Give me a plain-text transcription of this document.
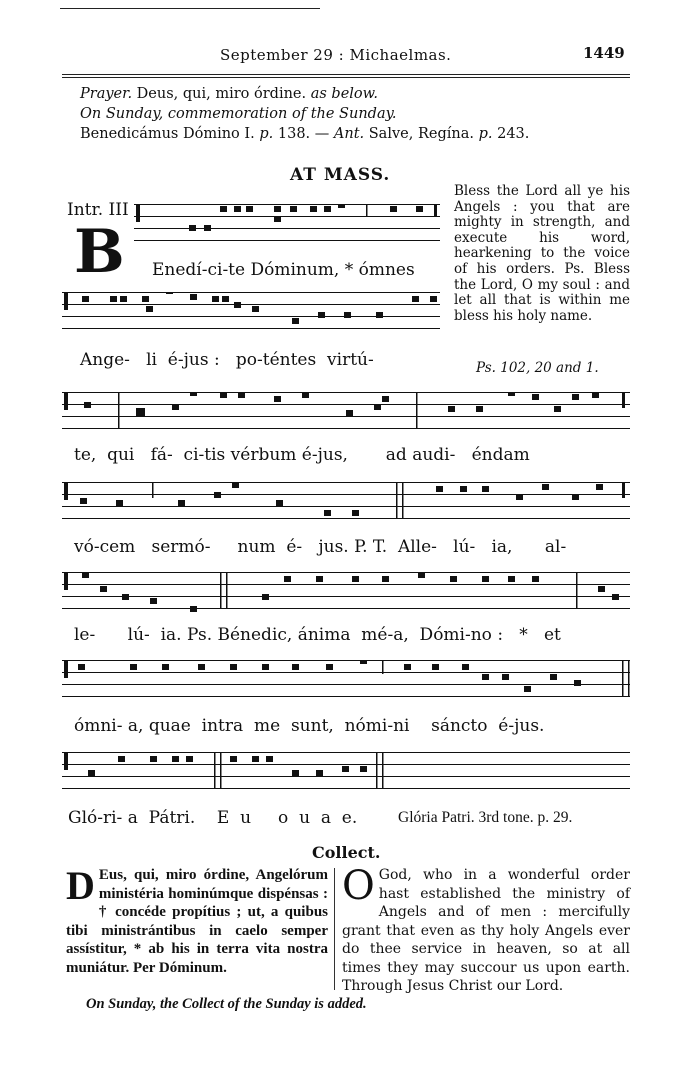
September 29 : Michaelmas.	1449
Prayer. Deus, qui, miro órdine. as below.
On Sunday, commemoration of the Sunday.
Benedicámus Dómino I. p. 138. — Ant. Salve, Regína. p. 243.
AT MASS.
Bless the Lord all ye his Angels : you that are mighty in strength, and execute his word, hearkening to the voice of his orders. Ps. Bless the Lord, O my soul : and let all that is within me bless his holy name.
Ps. 102, 20 and 1.
Intr. III
B Enedí-ci-te Dóminum, * ómnes
Ange-   li  é-jus :   po-téntes  virtú-
te,  qui   fá-  ci-tis vérbum é-jus,       ad audi-   éndam
vó-cem   sermó-     num  é-   jus. P. T.  Alle-   lú-   ia,      al-
le-      lú-  ia. Ps. Bénedic, ánima  mé-a,  Dómi-no :   *   et
ómni- a, quae  intra  me  sunt,  nómi-ni    sáncto  é-jus.
Gló-ri- a  Pátri.    E  u     o  u  a  e.	Glória Patri. 3rd tone. p. 29.
Collect.
D Eus, qui, miro órdine, Angelórum ministéria hominúmque dispénsas : † concéde propítius ; ut, a quibus tibi ministrántibus in caelo semper assístitur, * ab his in terra vita nostra muniátur. Per Dóminum.
O God, who in a wonderful order hast established the ministry of Angels and of men : mercifully grant that even as thy holy Angels ever do thee service in heaven, so at all times they may succour us upon earth. Through Jesus Christ our Lord.
On Sunday, the Collect of the Sunday is added.
